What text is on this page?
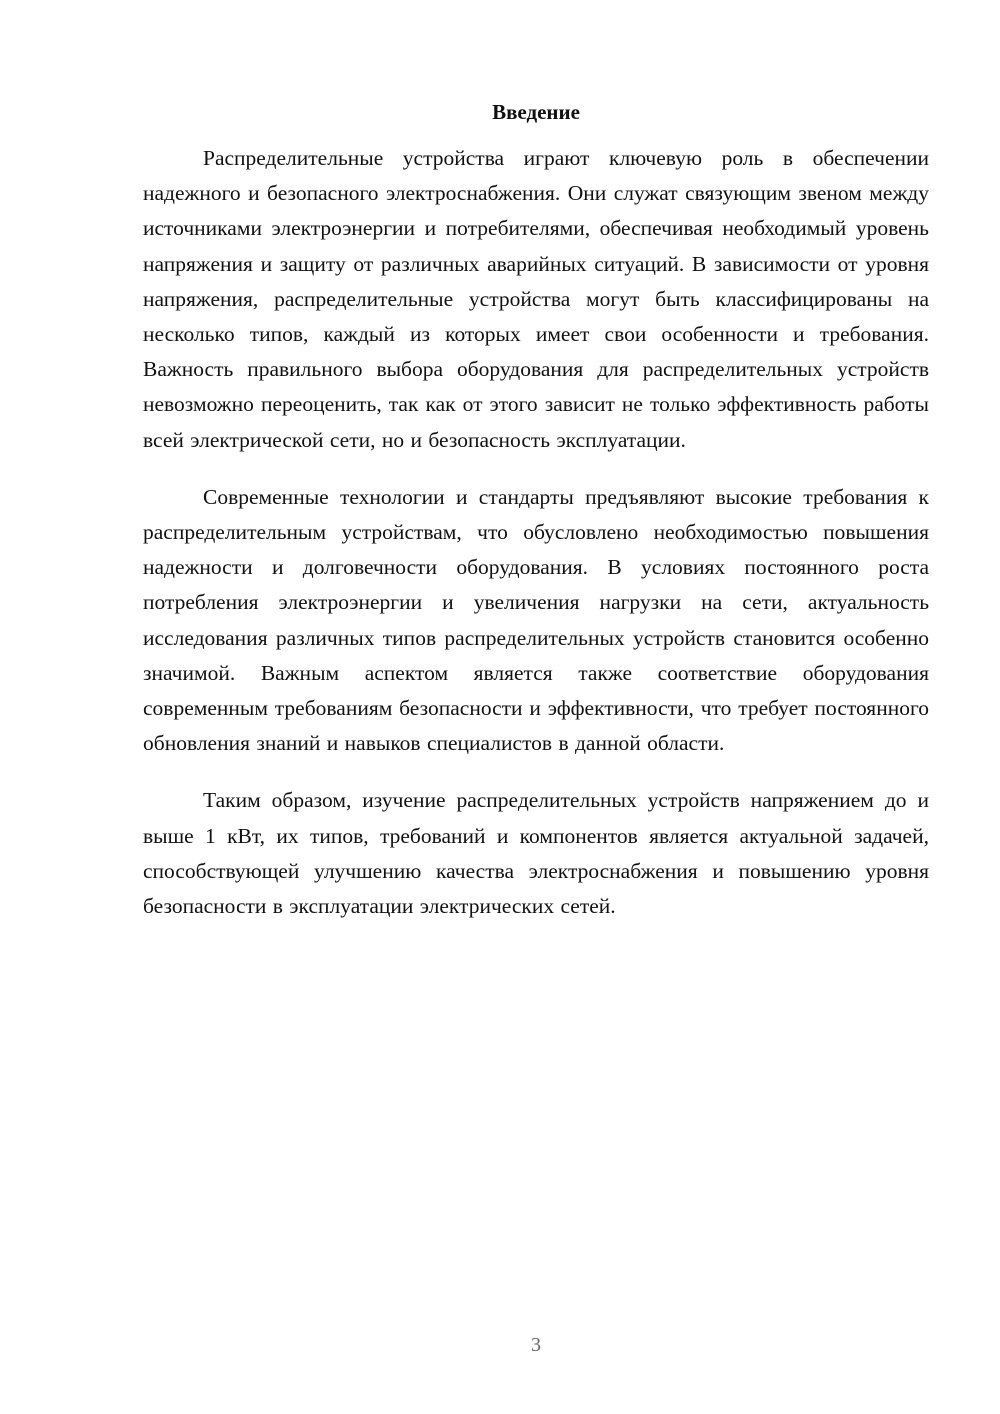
Введение

Распределительные устройства играют ключевую роль в обеспечении надежного и безопасного электроснабжения. Они служат связующим звеном между источниками электроэнергии и потребителями, обеспечивая необходимый уровень напряжения и защиту от различных аварийных ситуаций. В зависимости от уровня напряжения, распределительные устройства могут быть классифицированы на несколько типов, каждый из которых имеет свои особенности и требования. Важность правильного выбора оборудования для распределительных устройств невозможно переоценить, так как от этого зависит не только эффективность работы всей электрической сети, но и безопасность эксплуатации.

Современные технологии и стандарты предъявляют высокие требования к распределительным устройствам, что обусловлено необходимостью повышения надежности и долговечности оборудования. В условиях постоянного роста потребления электроэнергии и увеличения нагрузки на сети, актуальность исследования различных типов распределительных устройств становится особенно значимой. Важным аспектом является также соответствие оборудования современным требованиям безопасности и эффективности, что требует постоянного обновления знаний и навыков специалистов в данной области.

Таким образом, изучение распределительных устройств напряжением до и выше 1 кВт, их типов, требований и компонентов является актуальной задачей, способствующей улучшению качества электроснабжения и повышению уровня безопасности в эксплуатации электрических сетей.

3
